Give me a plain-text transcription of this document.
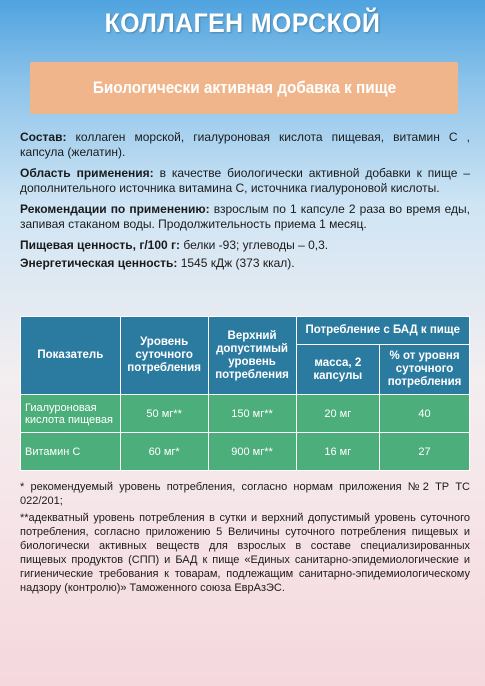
КОЛЛАГЕН МОРСКОЙ
Биологически активная добавка к пище

Состав: коллаген морской, гиалуроновая кислота пищевая, витамин С , капсула (желатин).

Область применения: в качестве биологически активной добавки к пище – дополнительного источника витамина С, источника гиалуроновой кислоты.

Рекомендации по применению: взрослым по 1 капсуле 2 раза во время еды, запивая стаканом воды. Продолжительность приема 1 месяц.

Пищевая ценность, г/100 г: белки -93; углеводы – 0,3.

Энергетическая ценность: 1545 кДж (373 ккал).

Показатель	Уровень суточного потребления	Верхний допустимый уровень потребления	Потребление с БАД к пище	
			масса, 2 капсулы	% от уровня суточного потребления
Гиалуроновая кислота пищевая	50 мг**	150 мг**	20 мг	40
Витамин С	60 мг*	900 мг**	16 мг	27

* рекомендуемый уровень потребления, согласно нормам приложения №2 ТР ТС 022/201;

**адекватный уровень потребления в сутки и верхний допустимый уровень суточного потребления, согласно приложению 5 Величины суточного потребления пищевых и биологически активных веществ для взрослых в составе специализированных пищевых продуктов (СПП) и БАД к пище «Единых санитарно-эпидемиологические и гигиенические требования к товарам, подлежащим санитарно-эпидемиологическому надзору (контролю)» Таможенного союза ЕврАзЭС.
